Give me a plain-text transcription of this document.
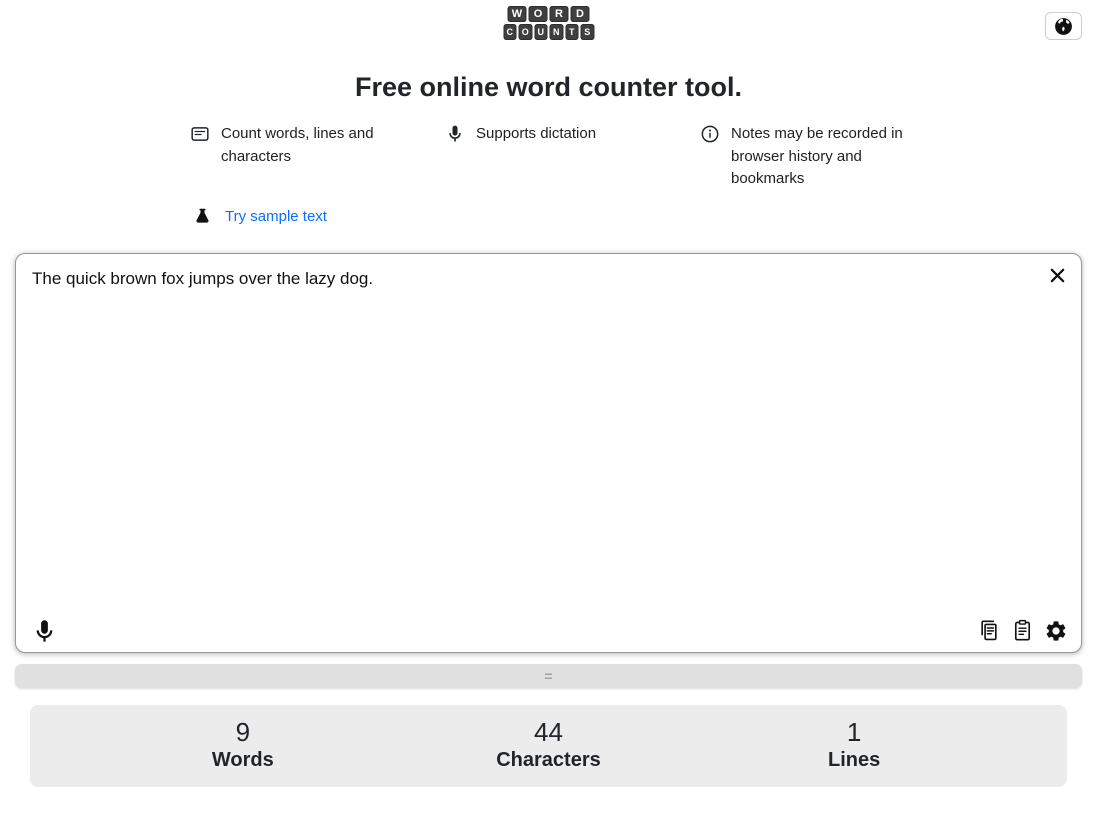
W	O	R	D
C O U	N	T	S
Free online word counter tool.
Count words, lines and characters
Supports dictation	Notes may be recorded in browser history and bookmarks
Try sample text
The quick brown fox jumps over the lazy dog.
=
9
Words
44
Characters
1
Lines
